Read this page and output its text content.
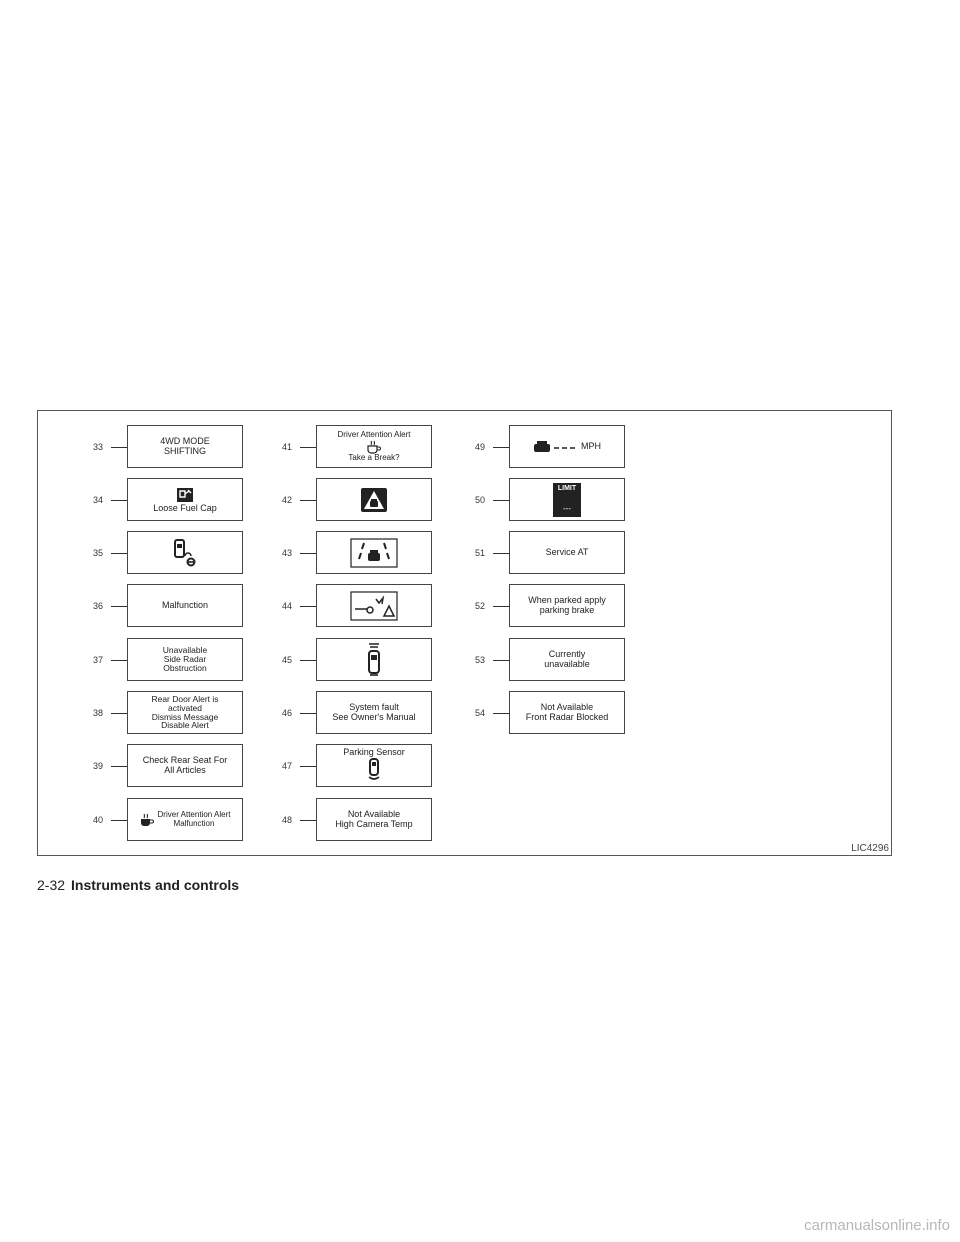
33
4WD MODE
SHIFTING
34
Loose Fuel Cap
35
36	Malfunction
37
Unavailable
Side Radar
Obstruction
38
Rear Door Alert is
activated
Dismiss Message
Disable Alert
39
Check Rear Seat For
All Articles
40	Driver Attention Alert
Malfunction
41
Driver Attention Alert
Take a Break?
42
43
44
45
46
System fault
See Owner's Manual
47
Parking Sensor
48
Not Available
High Camera Temp
49	MPH
50
LIMIT
---
51	Service AT
52
When parked apply
parking brake
53
Currently
unavailable
54
Not Available
Front Radar Blocked
LIC4296
2-32 Instruments and controls
carmanualsonline.info
